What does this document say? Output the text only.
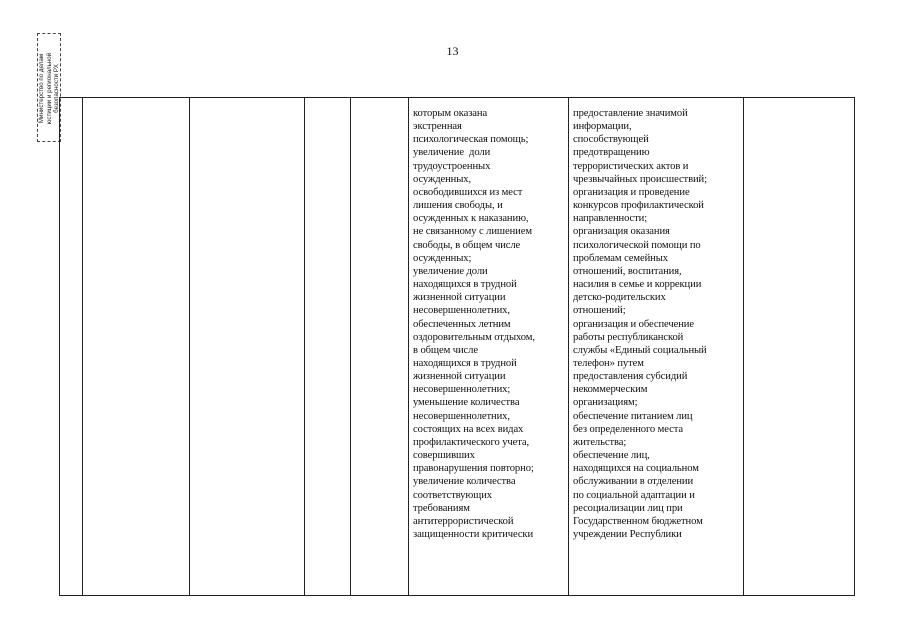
13
Министерство по делам юстиции и региональной безопасности РХ
которым оказана
экстренная
психологическая помощь;
увеличение  доли
трудоустроенных
осужденных,
освободившихся из мест
лишения свободы, и
осужденных к наказанию,
не связанному с лишением
свободы, в общем числе
осужденных;
увеличение доли
находящихся в трудной
жизненной ситуации
несовершеннолетних,
обеспеченных летним
оздоровительным отдыхом,
в общем числе
находящихся в трудной
жизненной ситуации
несовершеннолетних;
уменьшение количества
несовершеннолетних,
состоящих на всех видах
профилактического учета,
совершивших
правонарушения повторно;
увеличение количества
соответствующих
требованиям
антитеррористической
защищенности критически
предоставление значимой
информации,
способствующей
предотвращению
террористических актов и
чрезвычайных происшествий;
организация и проведение
конкурсов профилактической
направленности;
организация оказания
психологической помощи по
проблемам семейных
отношений, воспитания,
насилия в семье и коррекции
детско-родительских
отношений;
организация и обеспечение
работы республиканской
службы «Единый социальный
телефон» путем
предоставления субсидий
некоммерческим
организациям;
обеспечение питанием лиц
без определенного места
жительства;
обеспечение лиц,
находящихся на социальном
обслуживании в отделении
по социальной адаптации и
ресоциализации лиц при
Государственном бюджетном
учреждении Республики
